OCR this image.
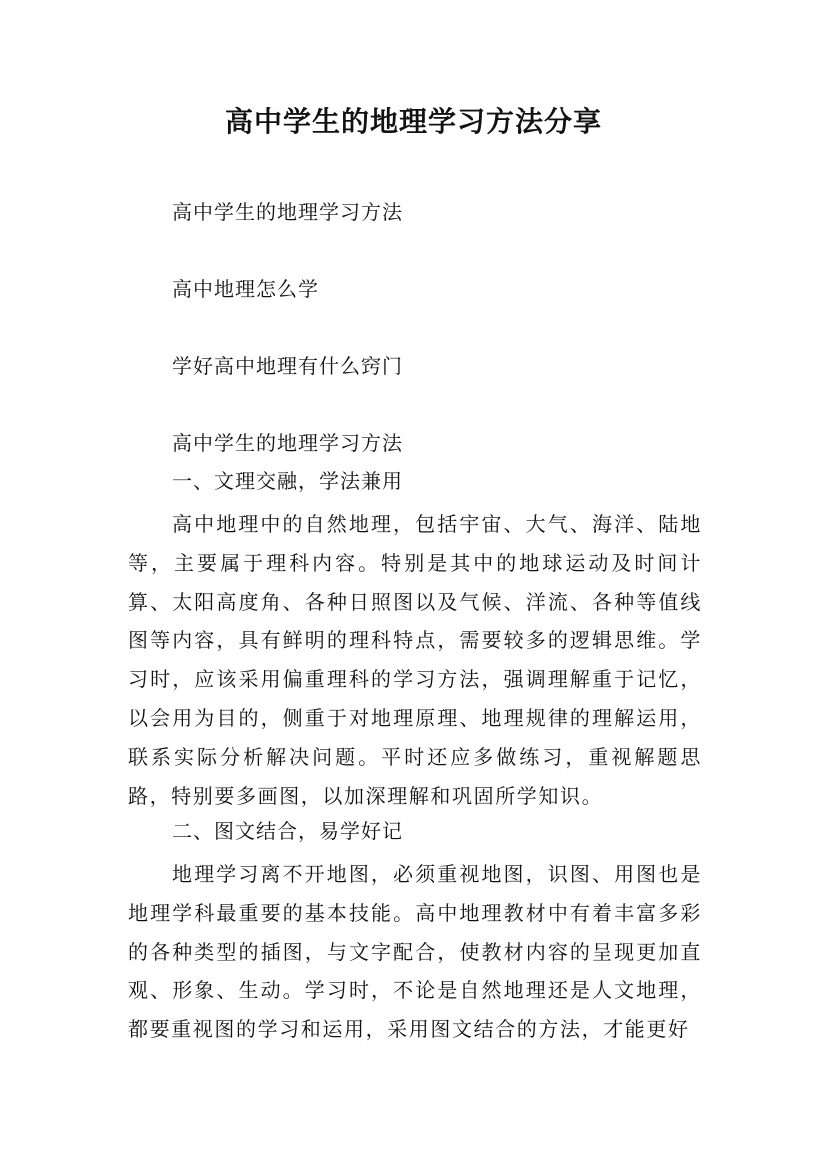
高中学生的地理学习方法分享
高中学生的地理学习方法
高中地理怎么学
学好高中地理有什么窍门
高中学生的地理学习方法
一、文理交融，学法兼用

高中地理中的自然地理，包括宇宙、大气、海洋、陆地等，主要属于理科内容。特别是其中的地球运动及时间计算、太阳高度角、各种日照图以及气候、洋流、各种等值线图等内容，具有鲜明的理科特点，需要较多的逻辑思维。学习时，应该采用偏重理科的学习方法，强调理解重于记忆，以会用为目的，侧重于对地理原理、地理规律的理解运用，联系实际分析解决问题。平时还应多做练习，重视解题思路，特别要多画图，以加深理解和巩固所学知识。

二、图文结合，易学好记

地理学习离不开地图，必须重视地图，识图、用图也是地理学科最重要的基本技能。高中地理教材中有着丰富多彩的各种类型的插图，与文字配合，使教材内容的呈现更加直观、形象、生动。学习时，不论是自然地理还是人文地理，都要重视图的学习和运用，采用图文结合的方法，才能更好
